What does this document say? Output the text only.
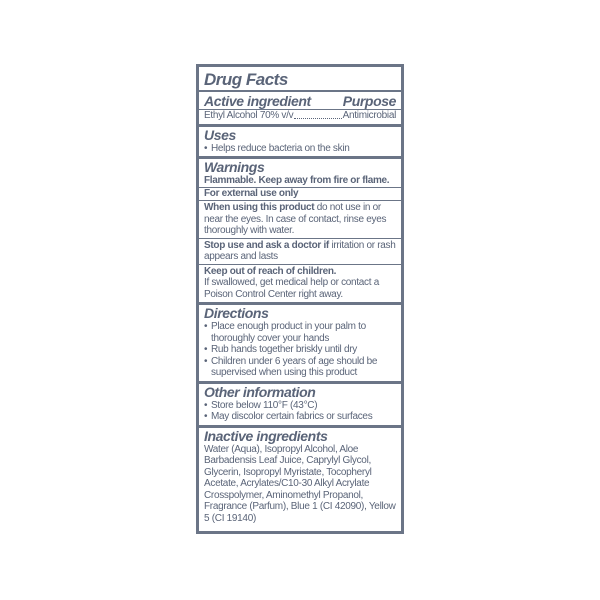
Drug Facts
Active ingredient Purpose
Ethyl Alcohol 70% v/v	Antimicrobial
Uses
• Helps reduce bacteria on the skin
Warnings
Flammable. Keep away from fire or flame.
For external use only
When using this product do not use in or near the eyes. In case of contact, rinse eyes thoroughly with water.
Stop use and ask a doctor if irritation or rash appears and lasts
Keep out of reach of children.
If swallowed, get medical help or contact a Poison Control Center right away.
Directions
• Place enough product in your palm to thoroughly cover your hands
• Rub hands together briskly until dry
• Children under 6 years of age should be supervised when using this product
Other information
• Store below 110°F (43°C)
• May discolor certain fabrics or surfaces
Inactive ingredients
Water (Aqua), Isopropyl Alcohol, Aloe Barbadensis Leaf Juice, Caprylyl Glycol, Glycerin, Isopropyl Myristate, Tocopheryl Acetate, Acrylates/C10-30 Alkyl Acrylate Crosspolymer, Aminomethyl Propanol, Fragrance (Parfum), Blue 1 (CI 42090), Yellow 5 (CI 19140)
